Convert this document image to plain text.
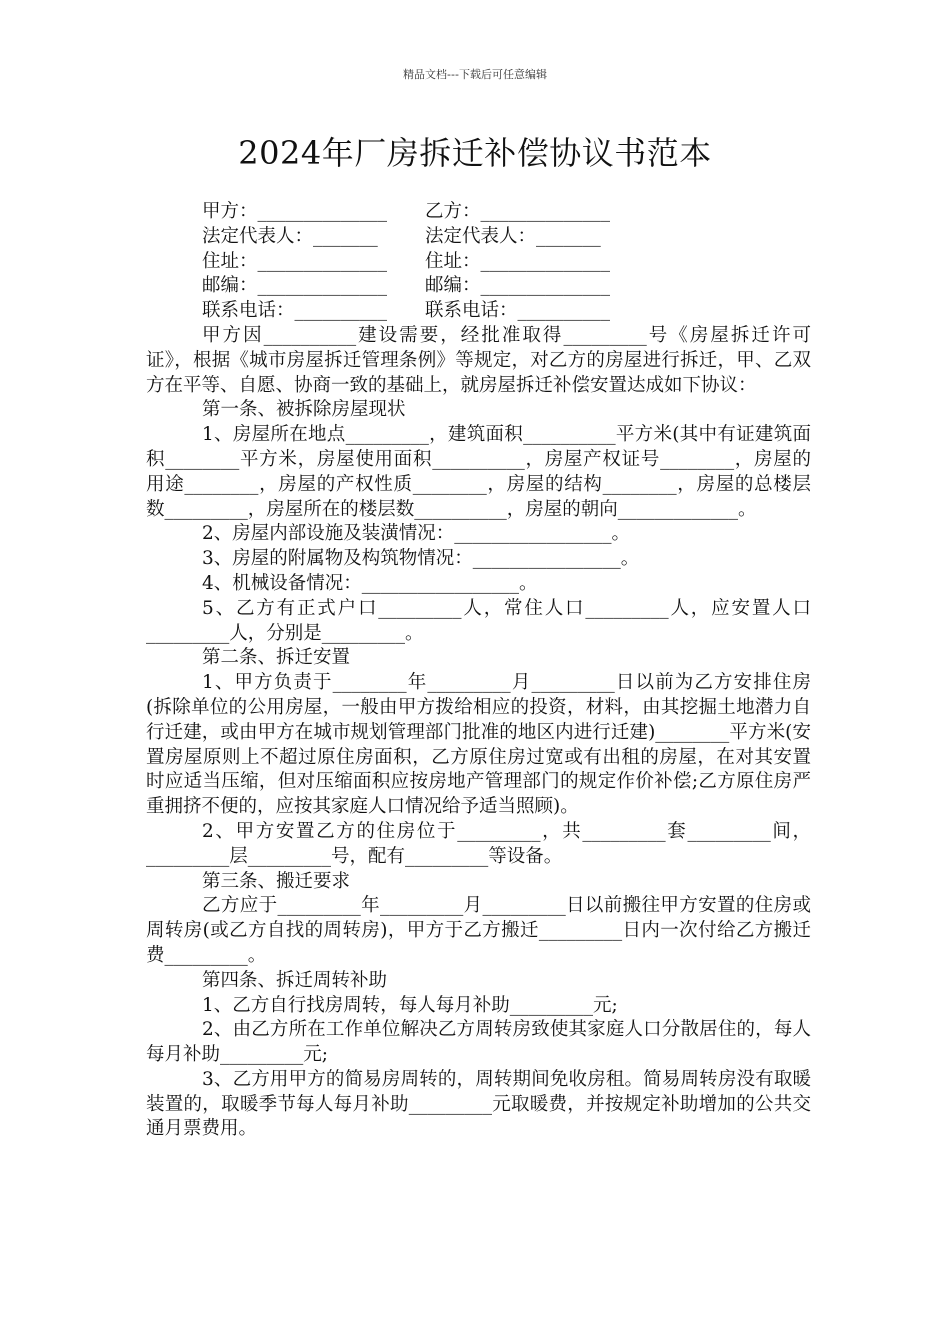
精品文档---下载后可任意编辑
2024年厂房拆迁补偿协议书范本
甲方：______________	乙方：______________
法定代表人：_______	法定代表人：_______
住址：______________	住址：______________
邮编：______________	邮编：______________
联系电话：__________	联系电话：__________

甲方因__________建设需要，经批准取得_________号《房屋拆迁许可证》，根据《城市房屋拆迁管理条例》等规定，对乙方的房屋进行拆迁，甲、乙双方在平等、自愿、协商一致的基础上，就房屋拆迁补偿安置达成如下协议：

第一条、被拆除房屋现状

1、房屋所在地点_________，建筑面积__________平方米(其中有证建筑面积________平方米，房屋使用面积__________，房屋产权证号________，房屋的用途________，房屋的产权性质________，房屋的结构________，房屋的总楼层数_________，房屋所在的楼层数__________，房屋的朝向_____________。

2、房屋内部设施及装潢情况：_________________。

3、房屋的附属物及构筑物情况：________________。

4、机械设备情况：_________________。

5、乙方有正式户口_________人，常住人口_________人，应安置人口_________人，分别是_________。

第二条、拆迁安置

1、甲方负责于________年_________月_________日以前为乙方安排住房(拆除单位的公用房屋，一般由甲方拨给相应的投资，材料，由其挖掘土地潜力自行迁建，或由甲方在城市规划管理部门批准的地区内进行迁建)________平方米(安置房屋原则上不超过原住房面积，乙方原住房过宽或有出租的房屋，在对其安置时应适当压缩，但对压缩面积应按房地产管理部门的规定作价补偿;乙方原住房严重拥挤不便的，应按其家庭人口情况给予适当照顾)。

2、甲方安置乙方的住房位于_________，共_________套_________间，_________层_________号，配有_________等设备。

第三条、搬迁要求

乙方应于_________年_________月_________日以前搬往甲方安置的住房或周转房(或乙方自找的周转房)，甲方于乙方搬迁_________日内一次付给乙方搬迁费_________。

第四条、拆迁周转补助

1、乙方自行找房周转，每人每月补助_________元;

2、由乙方所在工作单位解决乙方周转房致使其家庭人口分散居住的，每人每月补助_________元;

3、乙方用甲方的简易房周转的，周转期间免收房租。简易周转房没有取暖装置的，取暖季节每人每月补助_________元取暖费，并按规定补助增加的公共交通月票费用。
